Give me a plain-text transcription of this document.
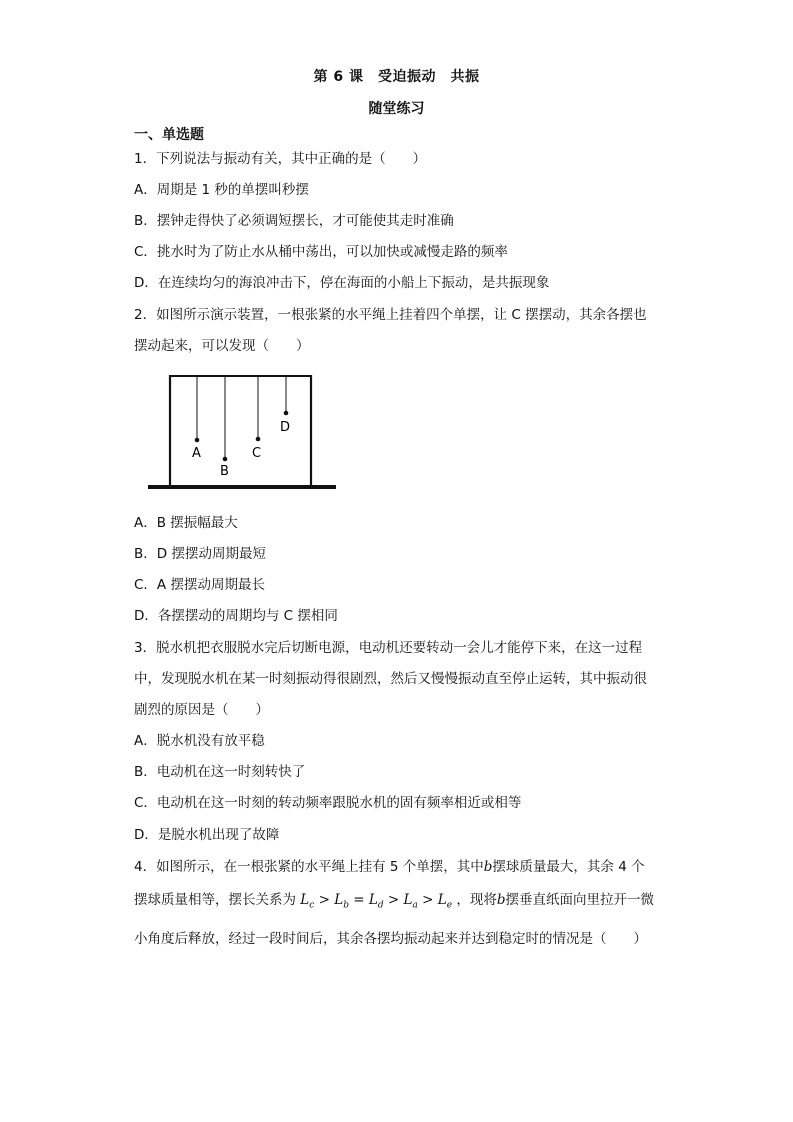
第 6 课　受迫振动　共振
随堂练习
一、单选题
1．下列说法与振动有关，其中正确的是（　　）
A．周期是 1 秒的单摆叫秒摆
B．摆钟走得快了必须调短摆长，才可能使其走时准确
C．挑水时为了防止水从桶中荡出，可以加快或减慢走路的频率
D．在连续均匀的海浪冲击下，停在海面的小船上下振动，是共振现象
2．如图所示演示装置，一根张紧的水平绳上挂着四个单摆，让 C 摆摆动，其余各摆也
摆动起来，可以发现（　　）
A
B
C
D
A．B 摆振幅最大
B．D 摆摆动周期最短
C．A 摆摆动周期最长
D．各摆摆动的周期均与 C 摆相同
3．脱水机把衣服脱水完后切断电源，电动机还要转动一会儿才能停下来，在这一过程
中，发现脱水机在某一时刻振动得很剧烈，然后又慢慢振动直至停止运转，其中振动很
剧烈的原因是（　　）
A．脱水机没有放平稳
B．电动机在这一时刻转快了
C．电动机在这一时刻的转动频率跟脱水机的固有频率相近或相等
D．是脱水机出现了故障
4．如图所示，在一根张紧的水平绳上挂有 5 个单摆，其中b摆球质量最大，其余 4 个
摆球质量相等，摆长关系为 $L_c > L_b = L_d > L_a > L_e$ ，现将b摆垂直纸面向里拉开一微
小角度后释放，经过一段时间后，其余各摆均振动起来并达到稳定时的情况是（　　）
